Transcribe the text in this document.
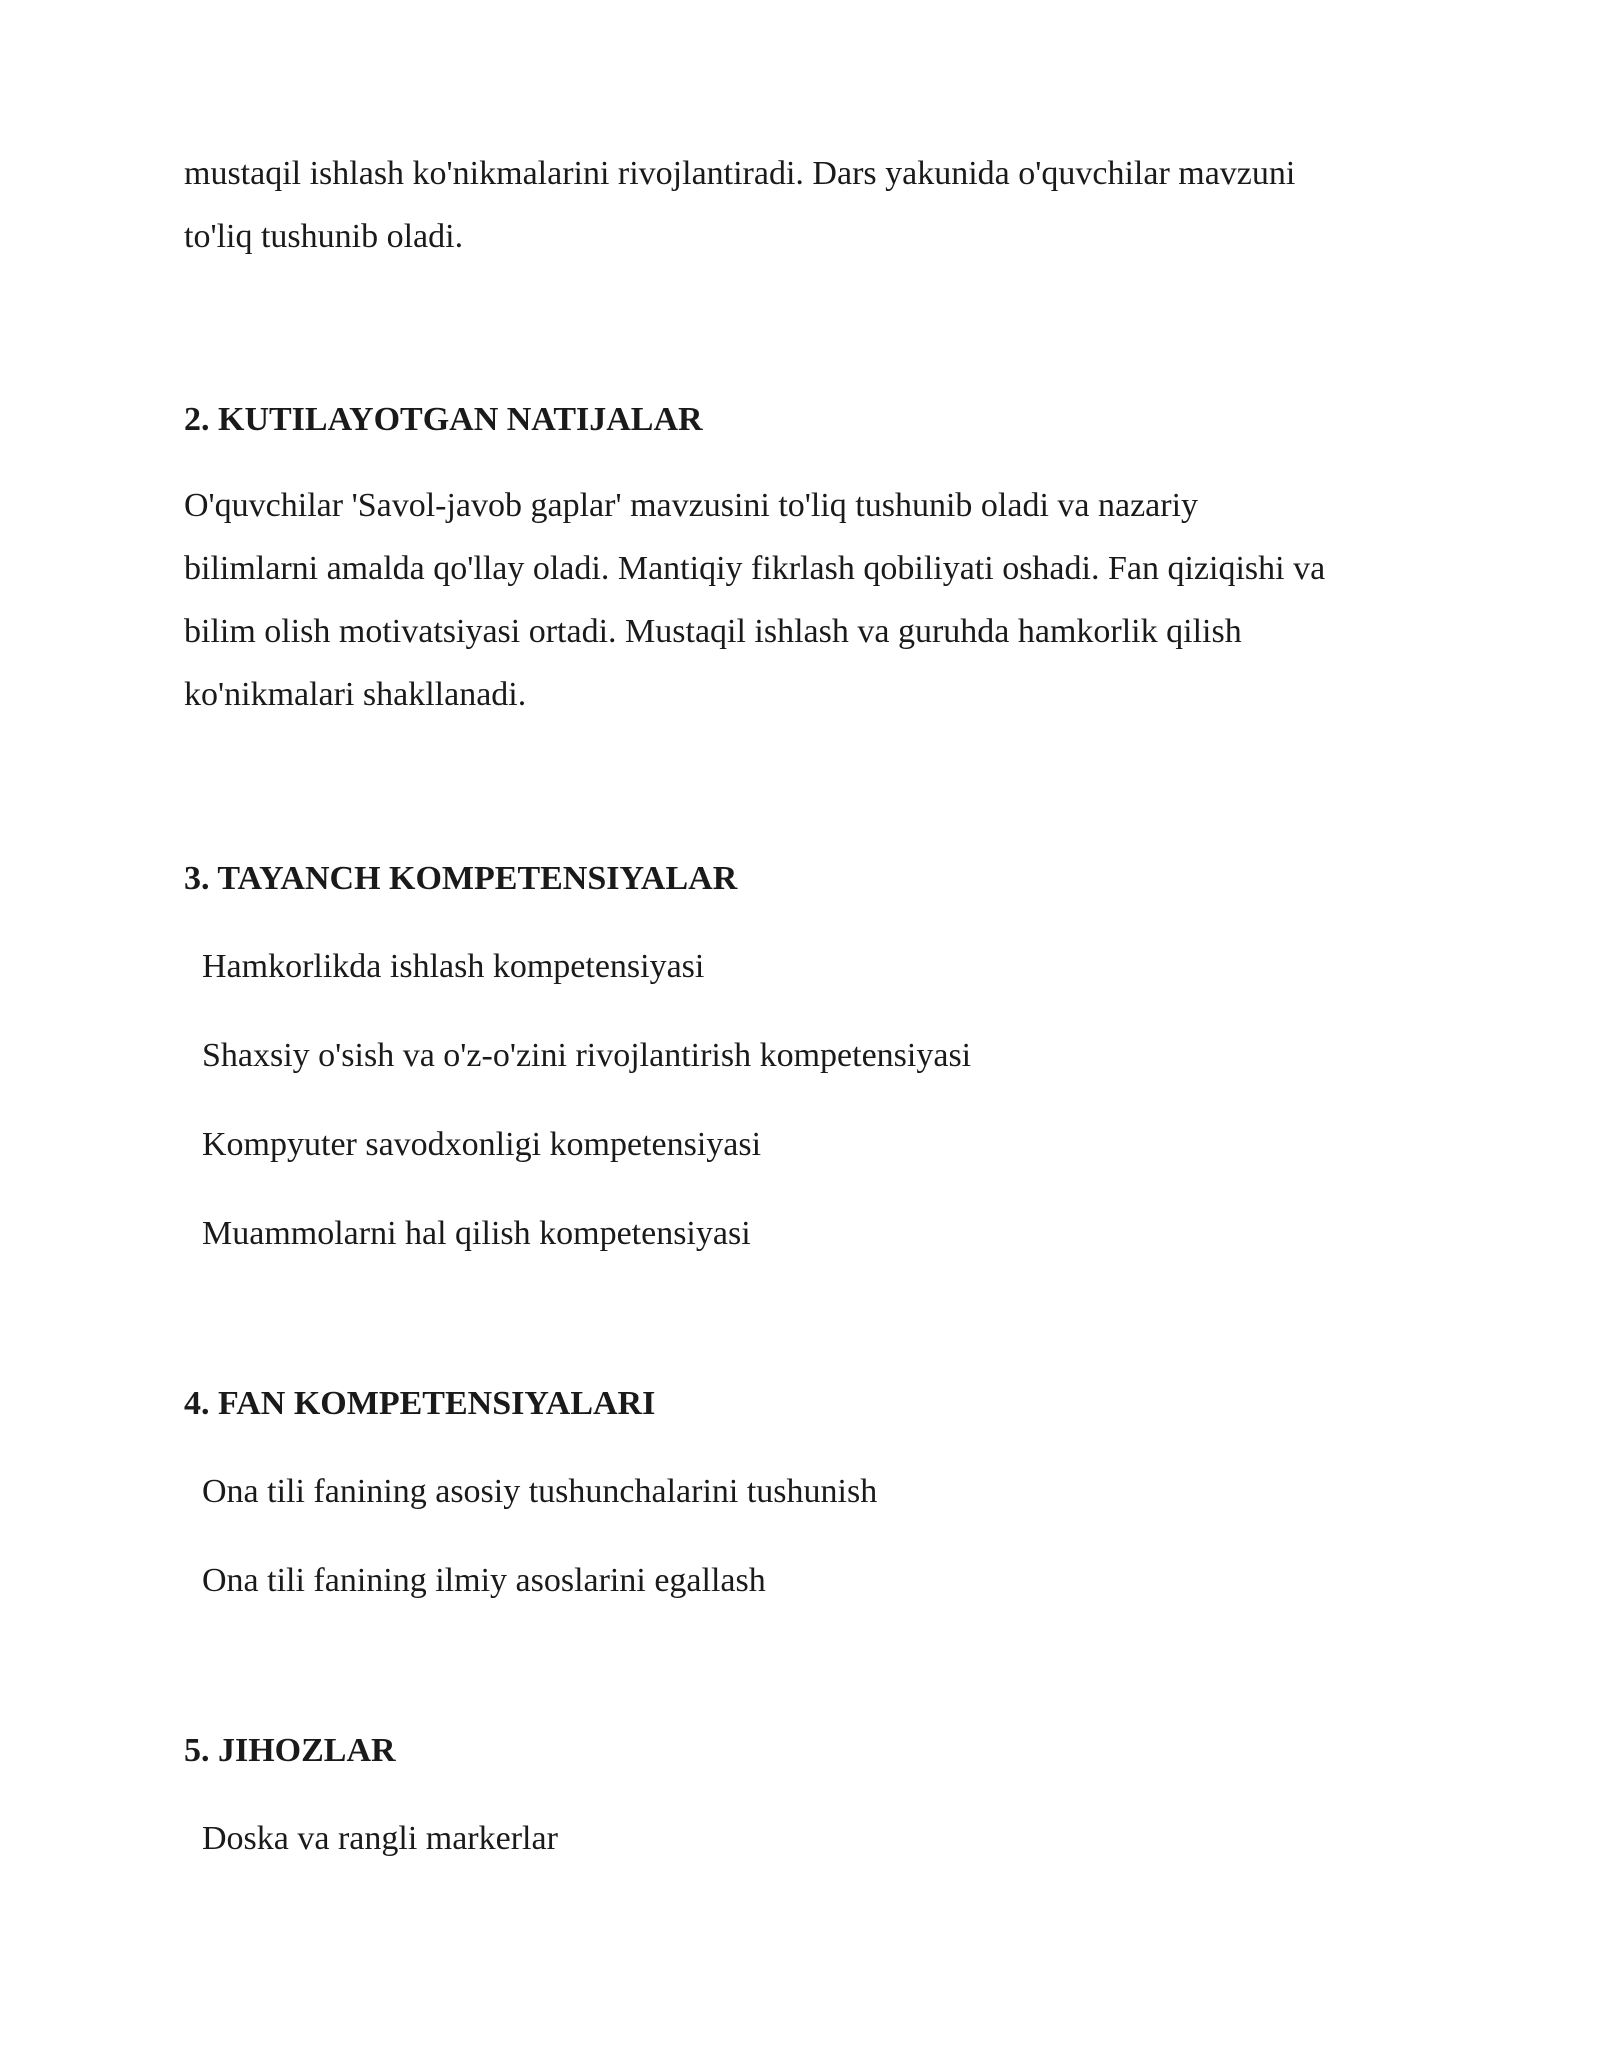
mustaqil ishlash ko'nikmalarini rivojlantiradi. Dars yakunida o'quvchilar mavzuni
to'liq tushunib oladi.

2. KUTILAYOTGAN NATIJALAR

O'quvchilar 'Savol-javob gaplar' mavzusini to'liq tushunib oladi va nazariy
bilimlarni amalda qo'llay oladi. Mantiqiy fikrlash qobiliyati oshadi. Fan qiziqishi va
bilim olish motivatsiyasi ortadi. Mustaqil ishlash va guruhda hamkorlik qilish
ko'nikmalari shakllanadi.

3. TAYANCH KOMPETENSIYALAR
Hamkorlikda ishlash kompetensiyasi
Shaxsiy o'sish va o'z-o'zini rivojlantirish kompetensiyasi
Kompyuter savodxonligi kompetensiyasi
Muammolarni hal qilish kompetensiyasi
4. FAN KOMPETENSIYALARI
Ona tili fanining asosiy tushunchalarini tushunish
Ona tili fanining ilmiy asoslarini egallash
5. JIHOZLAR
Doska va rangli markerlar
